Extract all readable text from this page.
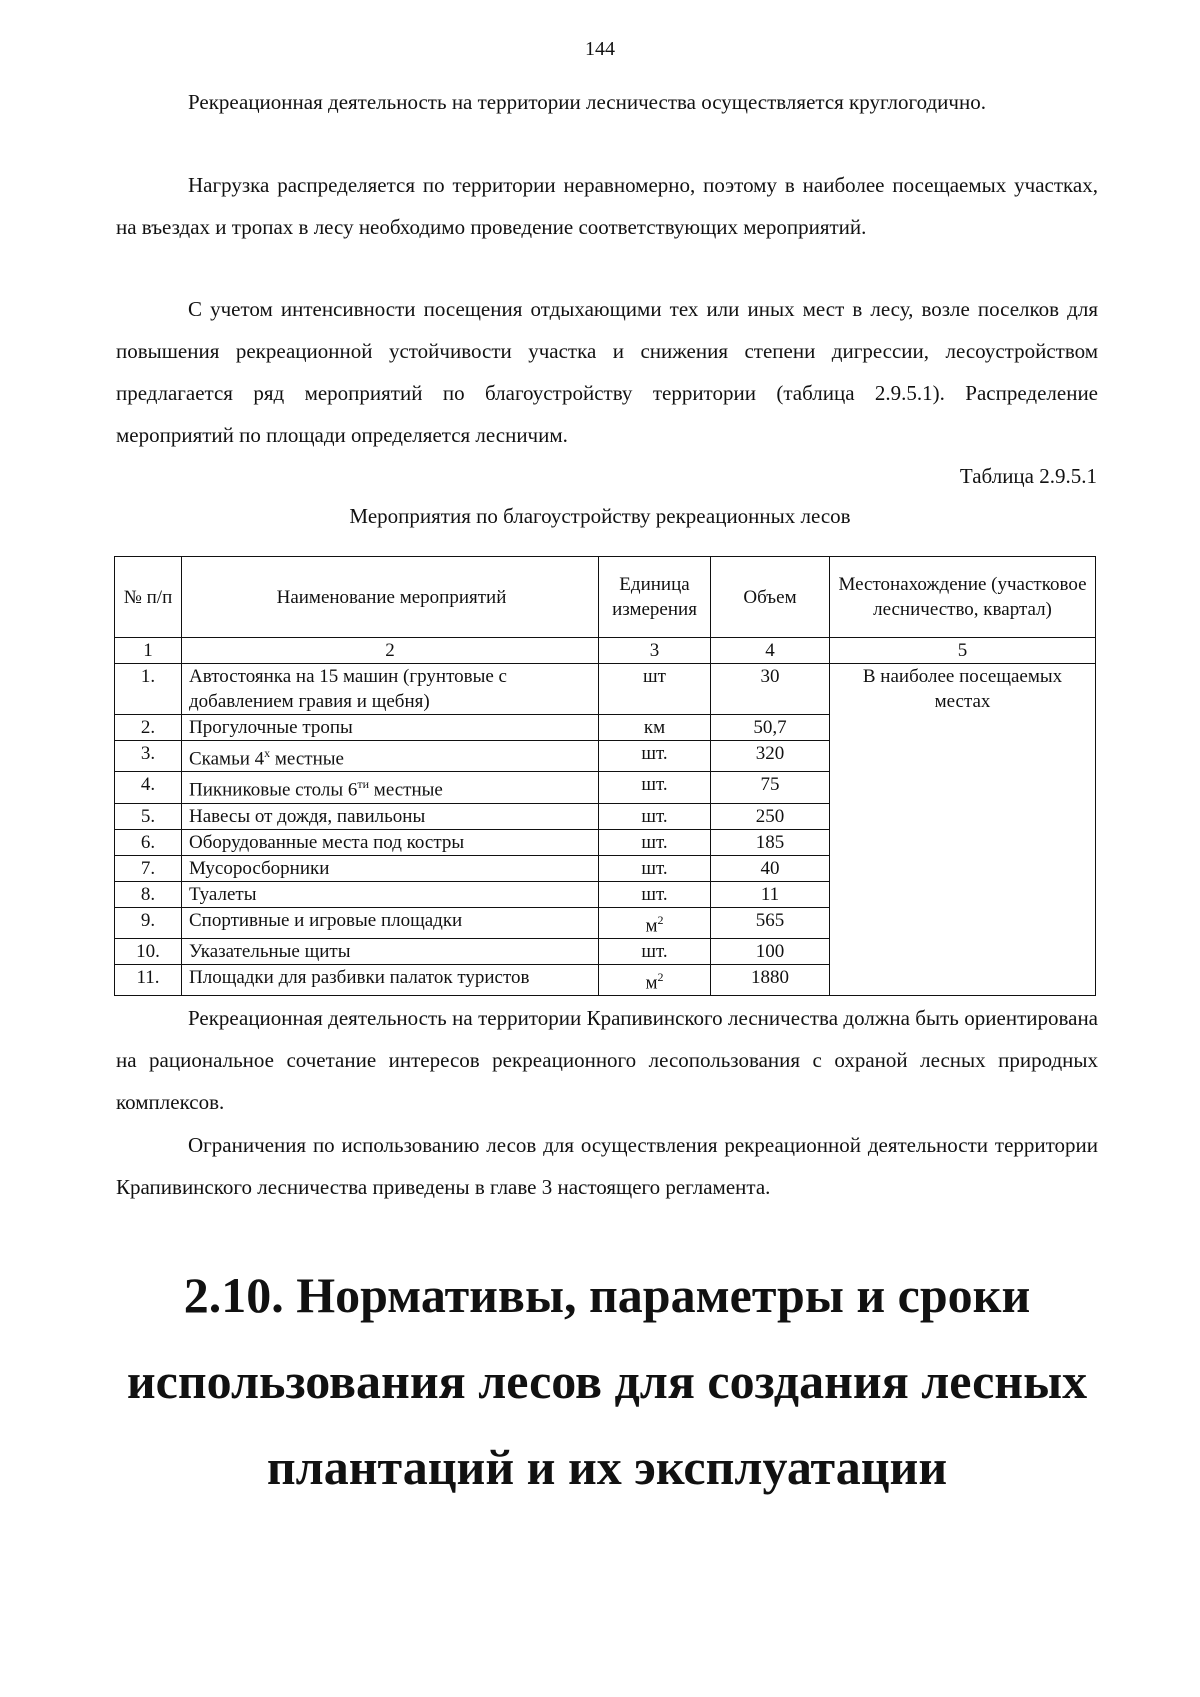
144

Рекреационная деятельность на территории лесничества осуществляется круглогодично.

Нагрузка распределяется по территории неравномерно, поэтому в наиболее посещаемых участках, на въездах и тропах в лесу необходимо проведение соответствующих мероприятий.

С учетом интенсивности посещения отдыхающими тех или иных мест в лесу, возле поселков для повышения рекреационной устойчивости участка и снижения степени дигрессии, лесоустройством предлагается ряд мероприятий по благоустройству территории (таблица 2.9.5.1). Распределение мероприятий по площади определяется лесничим.

Таблица 2.9.5.1
Мероприятия по благоустройству рекреационных лесов
№ п/п	Наименование мероприятий	Единица измерения	Объем	Местонахождение (участковое лесничество, квартал)
1	2	3	4	5
1.	Автостоянка на 15 машин (грунтовые с добавлением гравия и щебня)	шт	30	В наиболее посещаемых местах
2.	Прогулочные тропы	км	50,7	
3.	Скамьи $4^х$ местные	шт.	320	
4.	Пикниковые столы $6^{ти}$ местные	шт.	75	
5.	Навесы от дождя, павильоны	шт.	250	
6.	Оборудованные места под костры	шт.	185	
7.	Мусоросборники	шт.	40	
8.	Туалеты	шт.	11	
9.	Спортивные и игровые площадки	$м^2$	565	
10.	Указательные щиты	шт.	100	
11.	Площадки для разбивки палаток туристов	$м^2$	1880	

Рекреационная деятельность на территории Крапивинского лесничества должна быть ориентирована на рациональное сочетание интересов рекреационного лесопользования с охраной лесных природных комплексов.

Ограничения по использованию лесов для осуществления рекреационной деятельности территории Крапивинского лесничества приведены в главе 3 настоящего регламента.

2.10. Нормативы, параметры и сроки использования лесов для создания лесных плантаций и их эксплуатации
